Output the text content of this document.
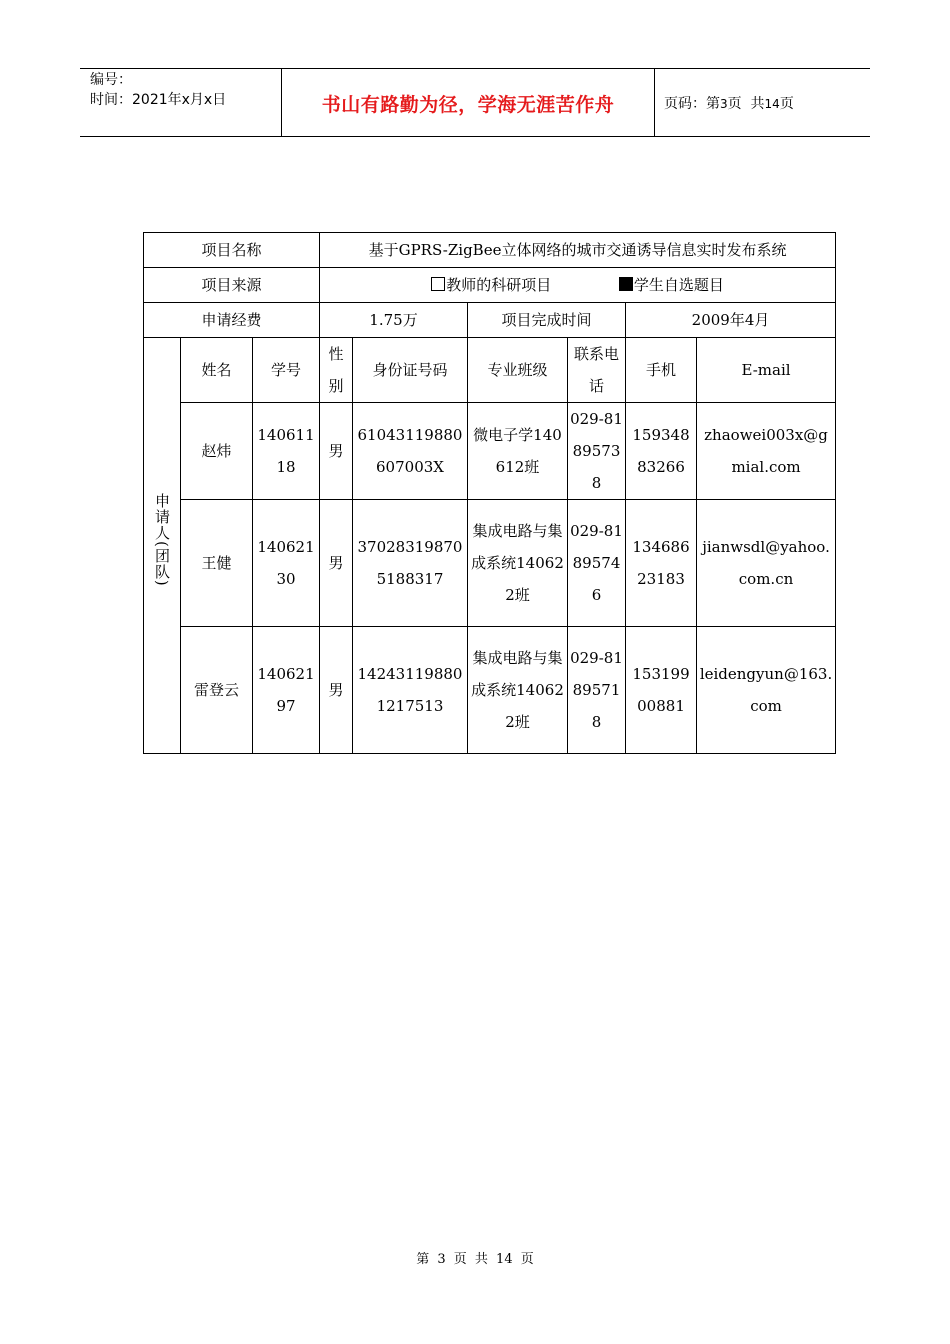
编号：
时间：2021年x月x日	书山有路勤为径，学海无涯苦作舟	页码：第3页  共14页
项目名称			基于GPRS-ZigBee立体网络的城市交通诱导信息实时发布系统					
项目来源			教师的科研项目 学生自选题目					
申请经费			1.75万		项目完成时间		2009年4月	
申请人(团队)	姓名	学号	性别	身份证号码	专业班级	联系电话	手机	E-mail
	赵炜	14061118	男	61043119880607003X	微电子学140612班	029-81895738	15934883266	zhaowei003x@gmial.com
	王健	14062130	男	370283198705188317	集成电路与集成系统140622班	029-81895746	13468623183	jianwsdl@yahoo.com.cn
	雷登云	14062197	男	142431198801217513	集成电路与集成系统140622班	029-81895718	15319900881	leidengyun@163.com
第 3 页 共 14 页
